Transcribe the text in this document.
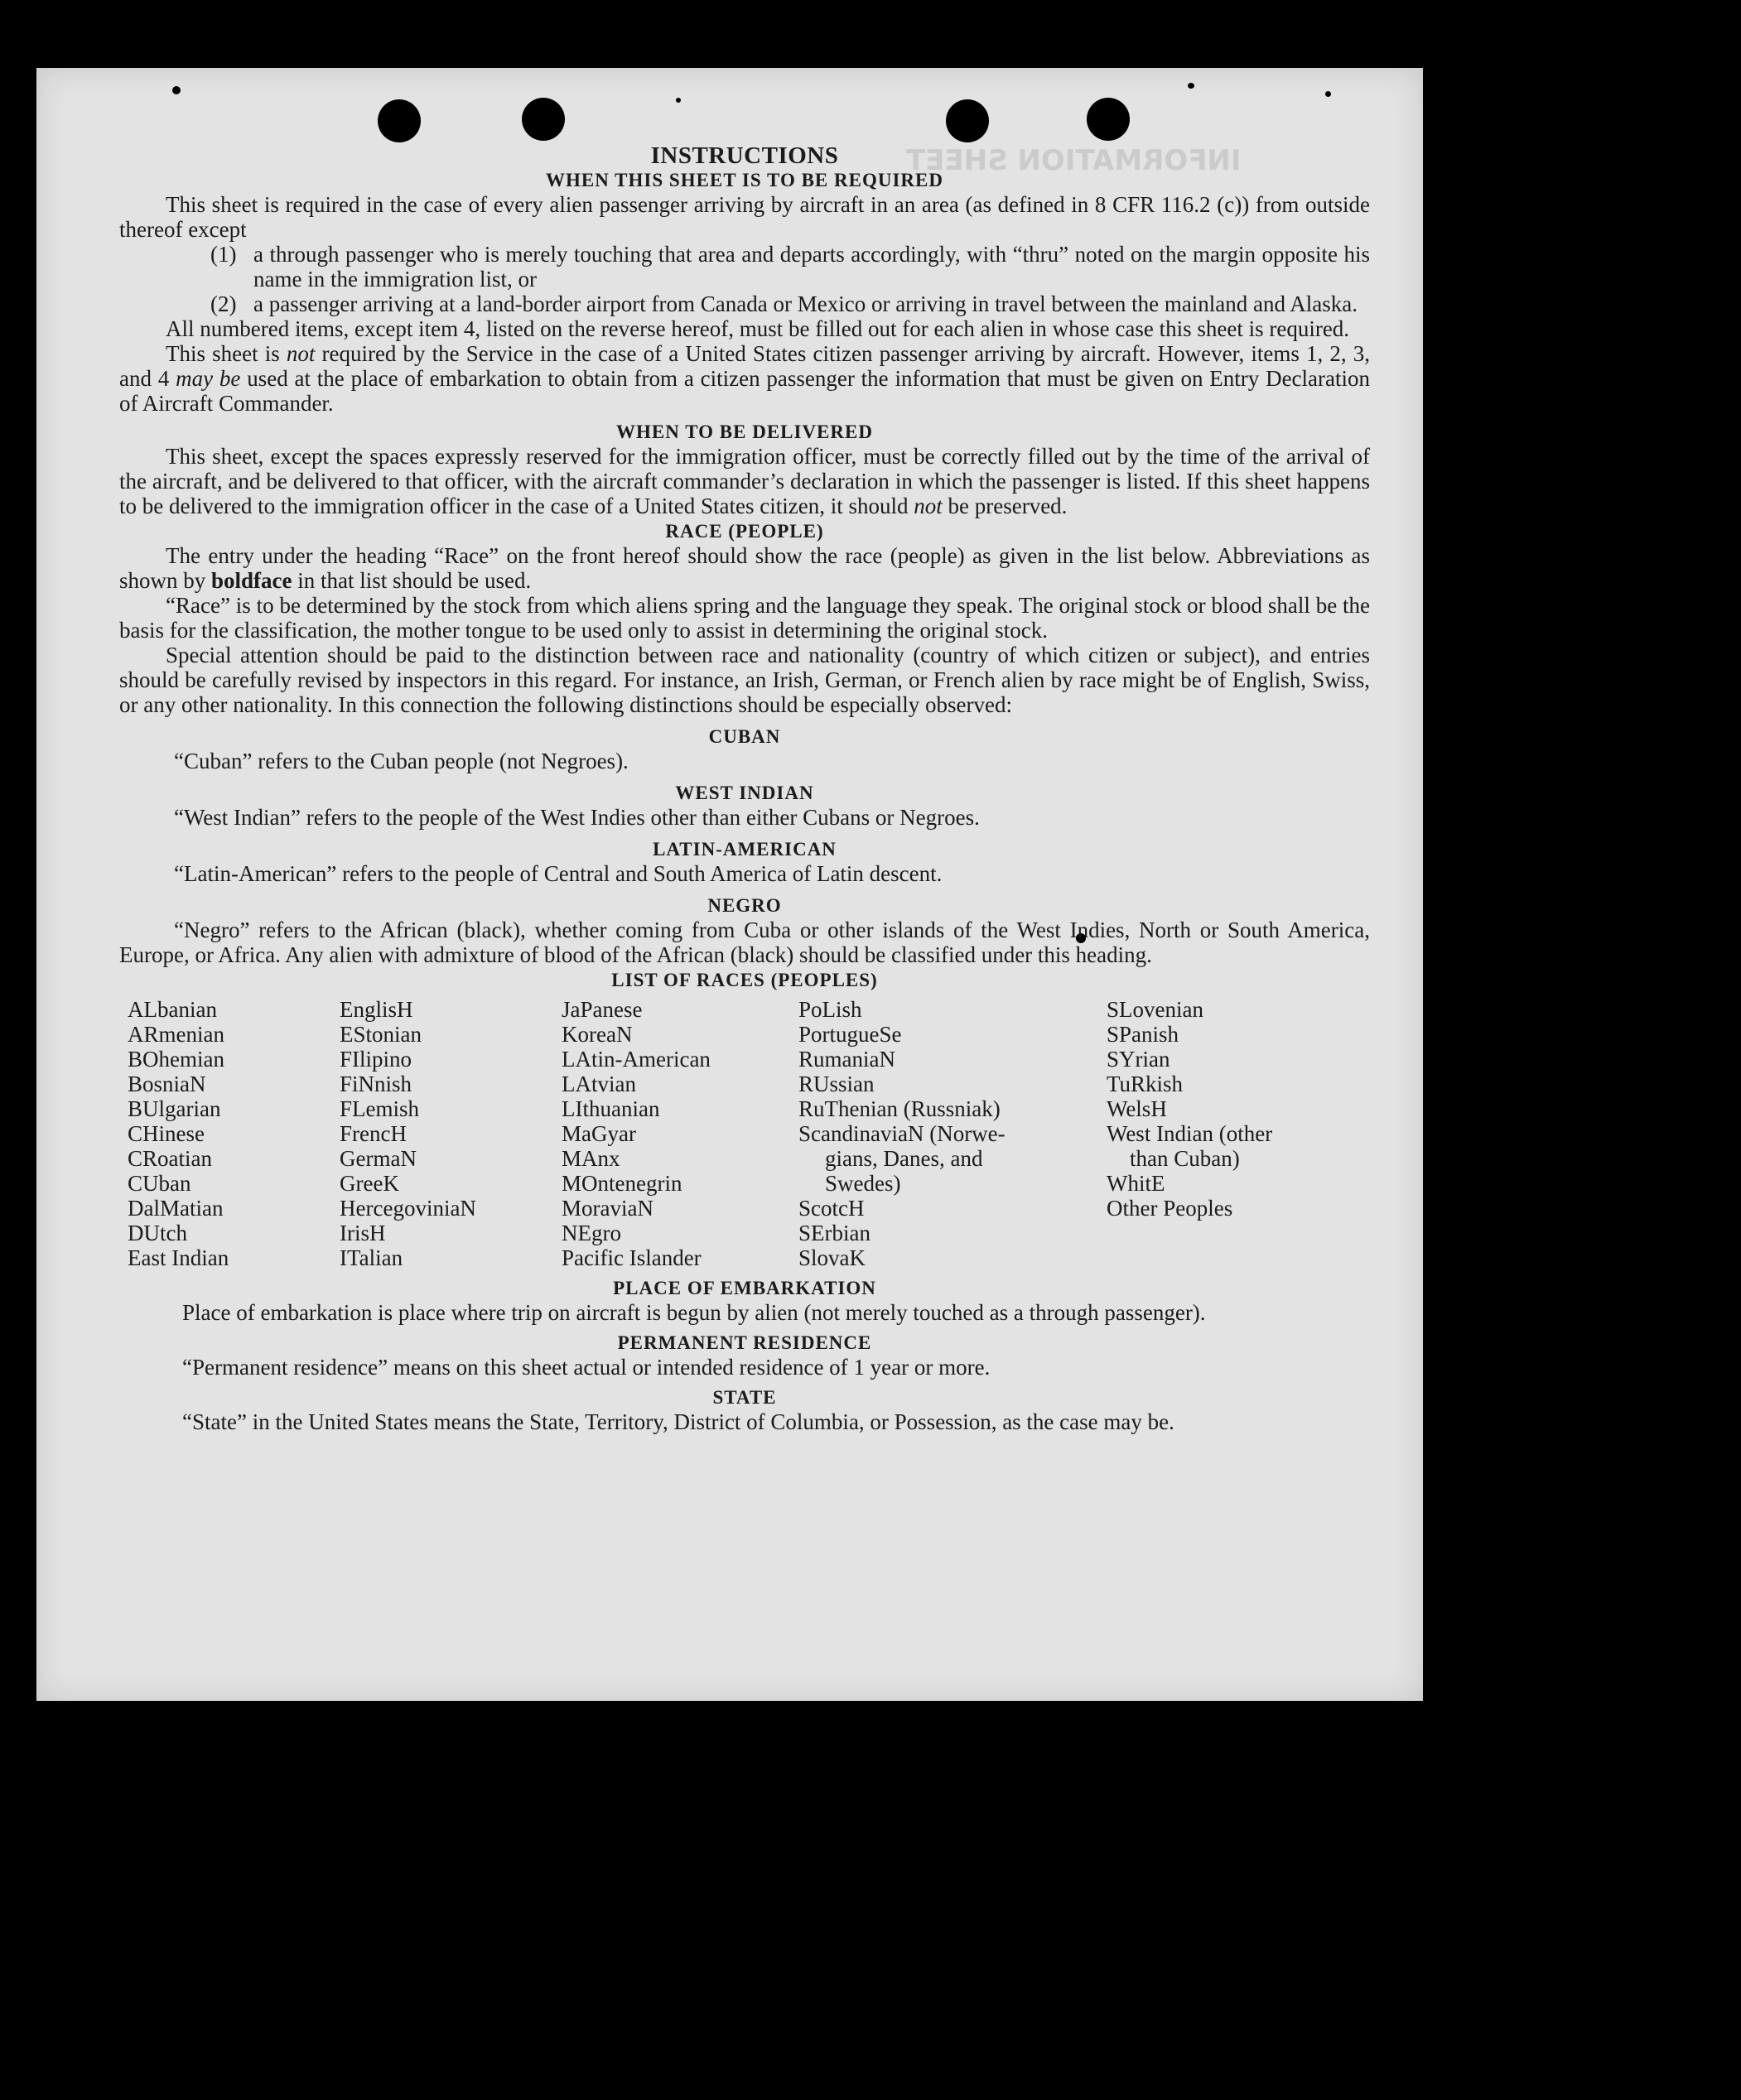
INFORMATION SHEET
INSTRUCTIONS
WHEN THIS SHEET IS TO BE REQUIRED

This sheet is required in the case of every alien passenger arriving by aircraft in an area (as defined in 8 CFR 116.2 (c)) from outside thereof except

(1) a through passenger who is merely touching that area and departs accordingly, with “thru” noted on the margin opposite his name in the immigration list, or
(2) a passenger arriving at a land-border airport from Canada or Mexico or arriving in travel between the mainland and Alaska.

All numbered items, except item 4, listed on the reverse hereof, must be filled out for each alien in whose case this sheet is required.

This sheet is not required by the Service in the case of a United States citizen passenger arriving by aircraft. However, items 1, 2, 3, and 4 may be used at the place of embarkation to obtain from a citizen passenger the information that must be given on Entry Declaration of Aircraft Commander.

WHEN TO BE DELIVERED

This sheet, except the spaces expressly reserved for the immigration officer, must be correctly filled out by the time of the arrival of the aircraft, and be delivered to that officer, with the aircraft commander’s declaration in which the passenger is listed. If this sheet happens to be delivered to the immigration officer in the case of a United States citizen, it should not be preserved.

RACE (PEOPLE)

The entry under the heading “Race” on the front hereof should show the race (people) as given in the list below. Abbreviations as shown by boldface in that list should be used.

“Race” is to be determined by the stock from which aliens spring and the language they speak. The original stock or blood shall be the basis for the classification, the mother tongue to be used only to assist in determining the original stock.

Special attention should be paid to the distinction between race and nationality (country of which citizen or subject), and entries should be carefully revised by inspectors in this regard. For instance, an Irish, German, or French alien by race might be of English, Swiss, or any other nationality. In this connection the following distinctions should be especially observed:

CUBAN

“Cuban” refers to the Cuban people (not Negroes).

WEST INDIAN

“West Indian” refers to the people of the West Indies other than either Cubans or Negroes.

LATIN-AMERICAN

“Latin-American” refers to the people of Central and South America of Latin descent.

NEGRO

“Negro” refers to the African (black), whether coming from Cuba or other islands of the West Indies, North or South America, Europe, or Africa. Any alien with admixture of blood of the African (black) should be classified under this heading.

LIST OF RACES (PEOPLES)
ALbanian
ARmenian
BOhemian
BosniaN
BUlgarian
CHinese
CRoatian
CUban
DalMatian
DUtch
East Indian
EnglisH
EStonian
FIlipino
FiNnish
FLemish
FrencH
GermaN
GreeK
HercegoviniaN
IrisH
ITalian
JaPanese
KoreaN
LAtin-American
LAtvian
LIthuanian
MaGyar
MAnx
MOntenegrin
MoraviaN
NEgro
Pacific Islander
PoLish
PortugueSe
RumaniaN
RUssian
RuThenian (Russniak)
ScandinaviaN (Norwe-
gians, Danes, and
Swedes)
ScotcH
SErbian
SlovaK
SLovenian
SPanish
SYrian
TuRkish
WelsH
West Indian (other
than Cuban)
WhitE
Other Peoples
PLACE OF EMBARKATION

Place of embarkation is place where trip on aircraft is begun by alien (not merely touched as a through passenger).

PERMANENT RESIDENCE

“Permanent residence” means on this sheet actual or intended residence of 1 year or more.

STATE

“State” in the United States means the State, Territory, District of Columbia, or Possession, as the case may be.
